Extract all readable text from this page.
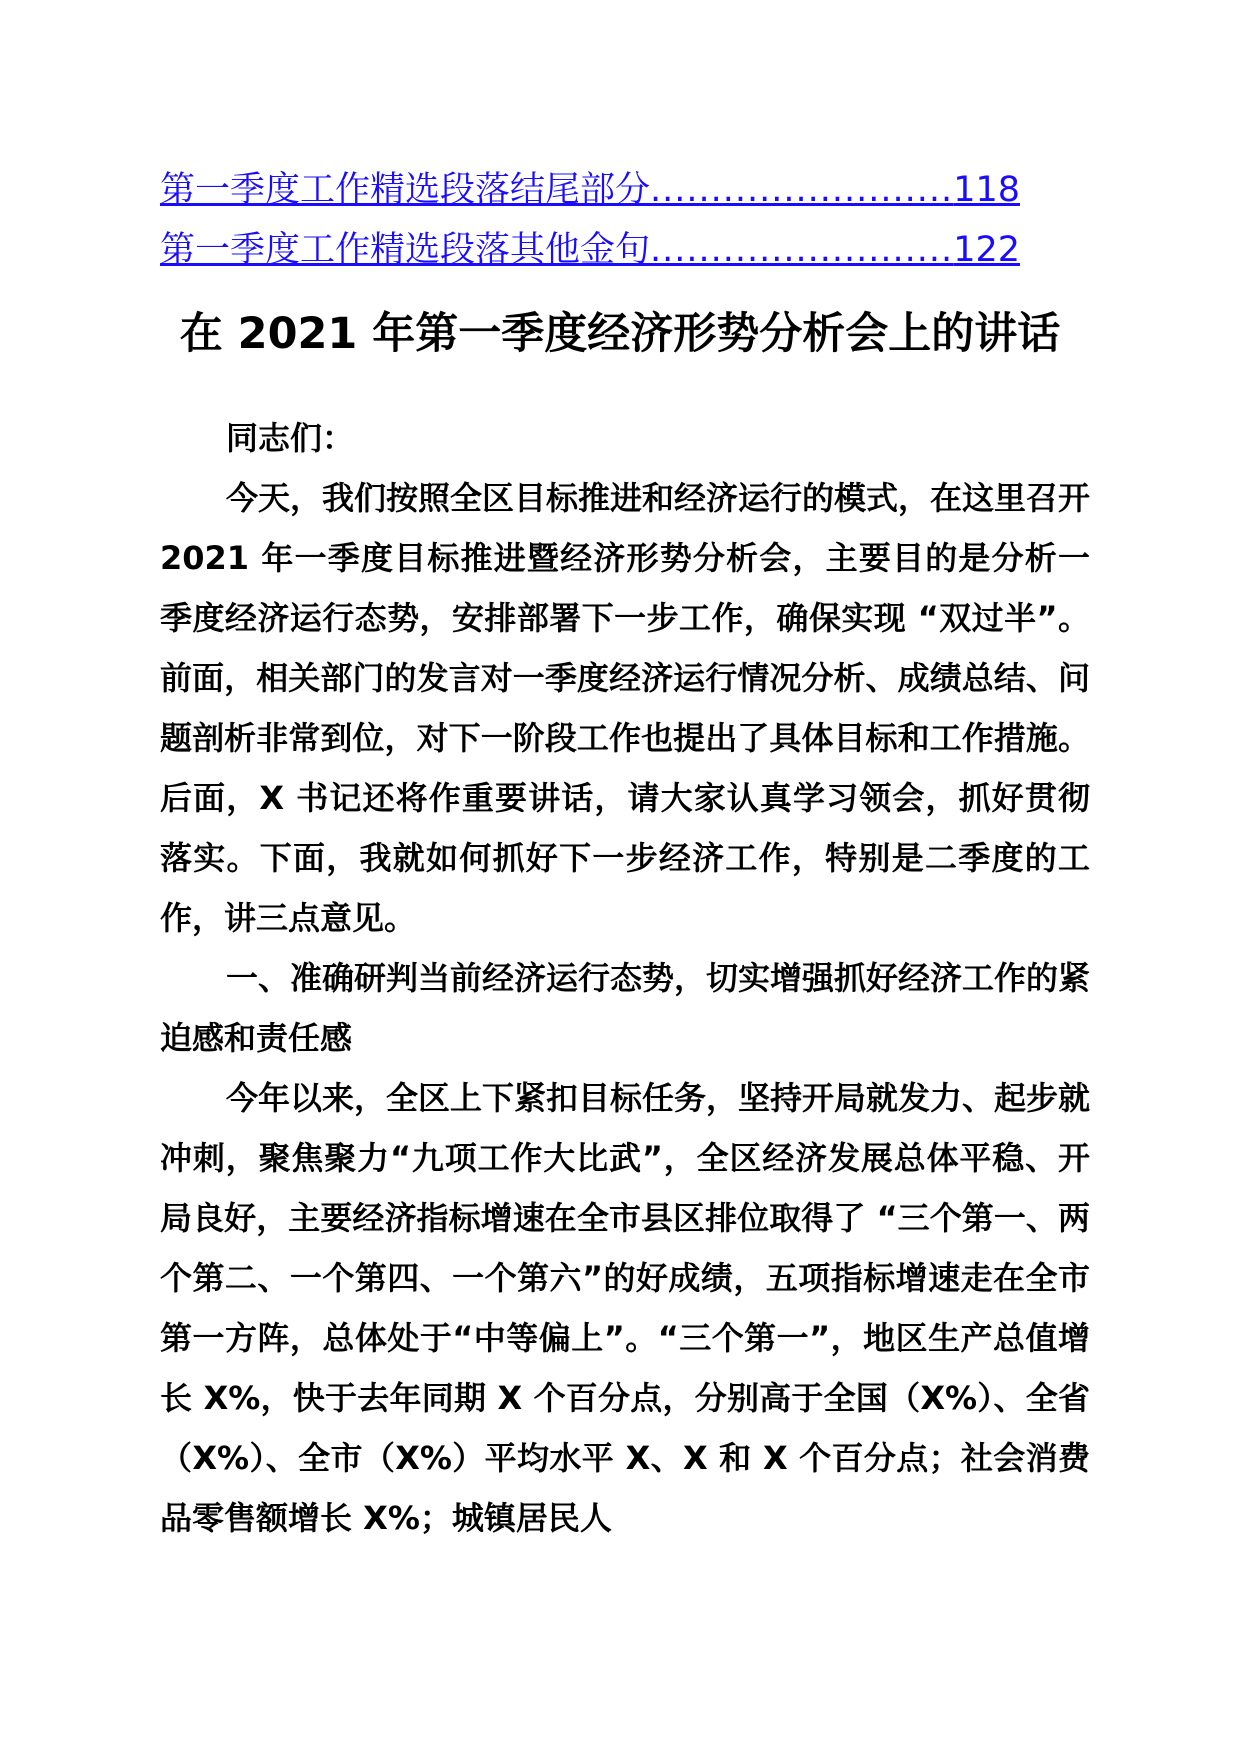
第一季度工作精选段落结尾部分 .....	118
第一季度工作精选段落其他金句 .....	122
在 2021 年第一季度经济形势分析会上的讲话

同志们：

今天，我们按照全区目标推进和经济运行的模式，在这里召开 2021 年一季度目标推进暨经济形势分析会，主要目的是分析一季度经济运行态势，安排部署下一步工作，确保实现 “双过半”。前面，相关部门的发言对一季度经济运行情况分析、成绩总结、问题剖析非常到位，对下一阶段工作也提出了具体目标和工作措施。后面，X 书记还将作重要讲话，请大家认真学习领会，抓好贯彻落实。下面，我就如何抓好下一步经济工作，特别是二季度的工作，讲三点意见。

一、准确研判当前经济运行态势，切实增强抓好经济工作的紧迫感和责任感

今年以来，全区上下紧扣目标任务，坚持开局就发力、起步就冲刺，聚焦聚力“九项工作大比武”，全区经济发展总体平稳、开局良好，主要经济指标增速在全市县区排位取得了 “三个第一、两个第二、一个第四、一个第六”的好成绩，五项指标增速走在全市第一方阵，总体处于“中等偏上”。“三个第一”，地区生产总值增长 X%，快于去年同期 X 个百分点，分别高于全国（X%）、全省（X%）、全市（X%）平均水平 X、X 和 X 个百分点；社会消费品零售额增长 X%；城镇居民人
